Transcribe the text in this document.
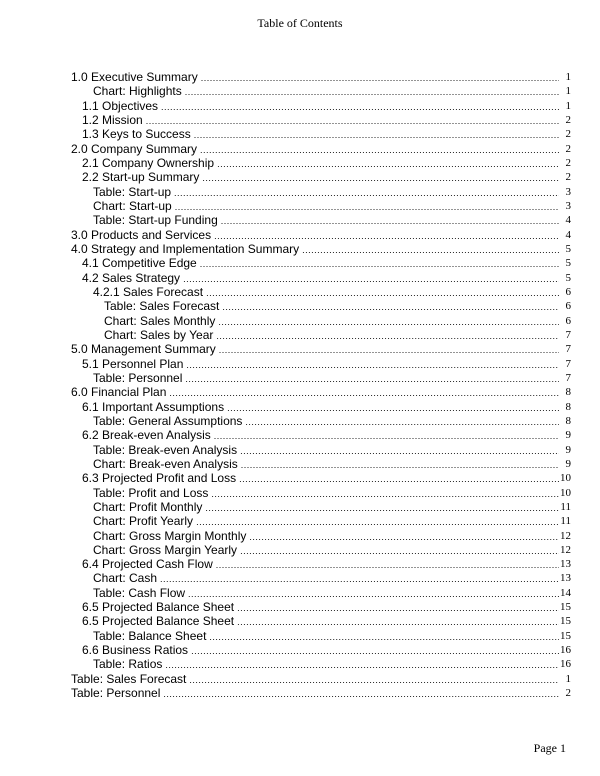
Table of Contents
1.0 Executive Summary .....	1
Chart: Highlights .....	1
1.1 Objectives .....	1
1.2 Mission .....	2
1.3 Keys to Success .....	2
2.0 Company Summary .....	2
2.1 Company Ownership .....	2
2.2 Start-up Summary .....	2
Table: Start-up .....	3
Chart: Start-up .....	3
Table: Start-up Funding .....	4
3.0 Products and Services .....	4
4.0 Strategy and Implementation Summary .....	5
4.1 Competitive Edge .....	5
4.2 Sales Strategy .....	5
4.2.1 Sales Forecast .....	6
Table: Sales Forecast .....	6
Chart: Sales Monthly .....	6
Chart: Sales by Year .....	7
5.0 Management Summary .....	7
5.1 Personnel Plan .....	7
Table: Personnel .....	7
6.0 Financial Plan .....	8
6.1 Important Assumptions .....	8
Table: General Assumptions .....	8
6.2 Break-even Analysis .....	9
Table: Break-even Analysis .....	9
Chart: Break-even Analysis .....	9
6.3 Projected Profit and Loss .....	10
Table: Profit and Loss .....	10
Chart: Profit Monthly .....	11
Chart: Profit Yearly .....	11
Chart: Gross Margin Monthly .....	12
Chart: Gross Margin Yearly .....	12
6.4 Projected Cash Flow .....	13
Chart: Cash .....	13
Table: Cash Flow .....	14
6.5 Projected Balance Sheet .....	15
6.5 Projected Balance Sheet .....	15
Table: Balance Sheet .....	15
6.6 Business Ratios .....	16
Table: Ratios .....	16
Table: Sales Forecast .....	1
Table: Personnel .....	2
Page 1
